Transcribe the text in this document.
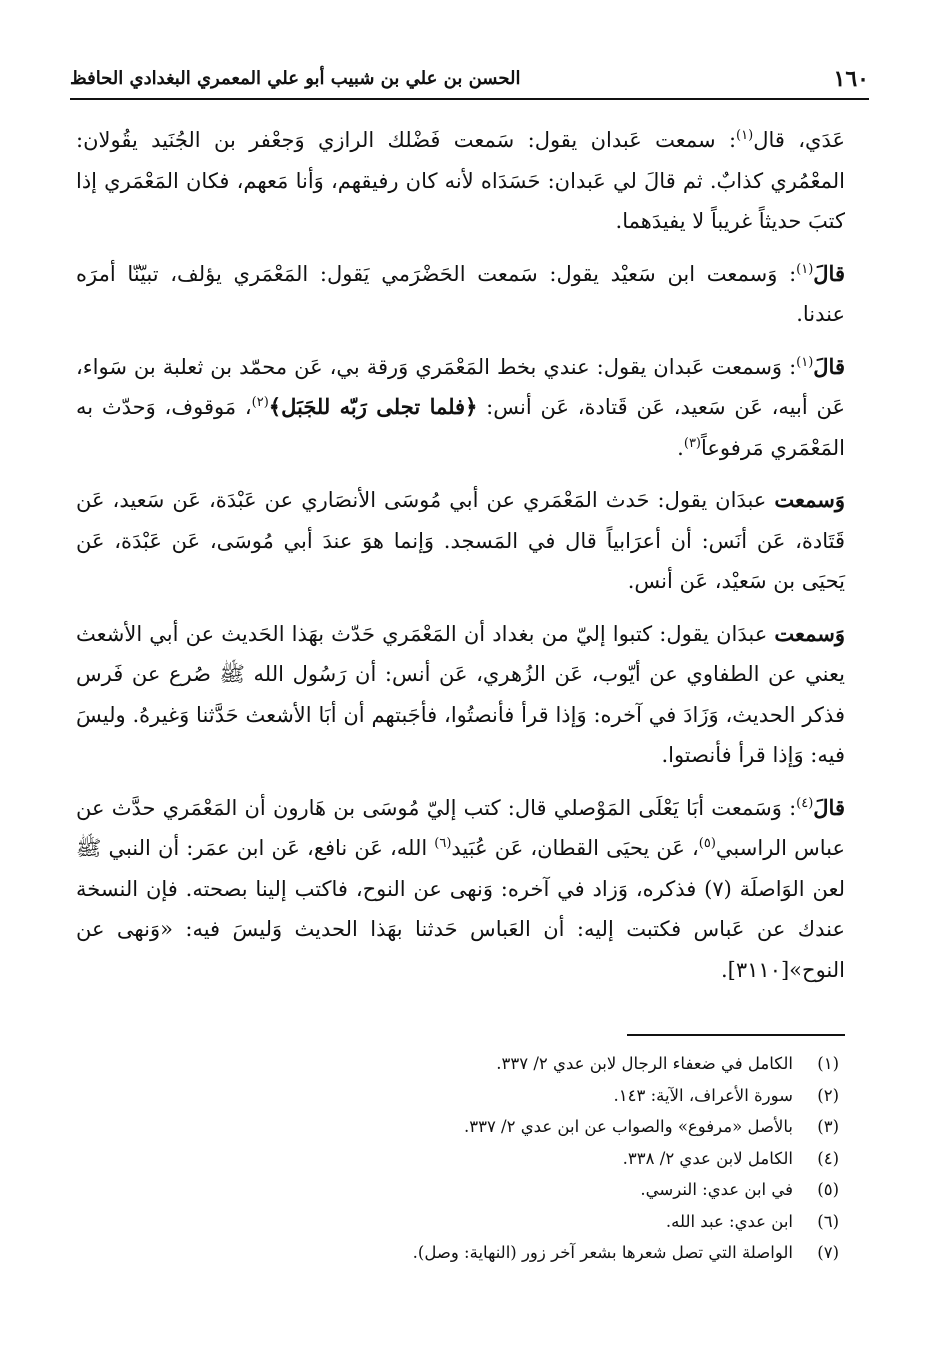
١٦٠
الحسن بن علي بن شبيب أبو علي المعمري البغدادي الحافظ

عَدَي، قال$^{(١)}$: سمعت عَبدان يقول: سَمعت فَضْلك الرازي وَجعْفر بن الجُنَيد يقُولان: المعْمُري كذابٌ. ثم قالَ لي عَبدان: حَسَدَاه لأنه كان رفيقهم، وَأنا مَعهم، فكان المَعْمَري إذا كتبَ حديثاً غريباً لا يفيدَهما.

قالَ$^{(١)}$: وَسمعت ابن سَعيْد يقول: سَمعت الحَضْرَمي يَقول: المَعْمَري يؤلف، تبيّنّا أمرَه عندنا.

قالَ$^{(١)}$: وَسمعت عَبدان يقول: عندي بخط المَعْمَري وَرقة بي، عَن محمّد بن ثعلبة بن سَواء، عَن أبيه، عَن سَعيد، عَن قَتادة، عَن أنس: ﴿فلما تجلى رَبّه للجَبَل﴾$^{(٢)}$، مَوقوف، وَحدّث به المَعْمَري مَرفوعاً$^{(٣)}$.

وَسمعت عبدَان يقول: حَدث المَعْمَري عن أبي مُوسَى الأنصَاري عن عَبْدَة، عَن سَعيد، عَن قَتَادة، عَن أنَس: أن أعرَابياً قال في المَسجد. وَإنما هوَ عندَ أبي مُوسَى، عَن عَبْدَة، عَن يَحيَى بن سَعيْد، عَن أنس.

وَسمعت عبدَان يقول: كتبوا إليّ من بغداد أن المَعْمَري حَدّث بهَذا الحَديث عن أبي الأشعث يعني عن الطفاوي عن أيّوب، عَن الزُهري، عَن أنس: أن رَسُول الله ﷺ صُرع عن فَرس فذكر الحديث، وَزَادَ في آخره: وَإذا قرأ فأنصتُوا، فأجَبتهم أن أبَا الأشعث حَدَّثنا وَغيرهُ. وليسَ فيه: وَإذا قرأ فأنصتوا.

قالَ$^{(٤)}$: وَسَمعت أبَا يَعْلَى المَوْصلي قال: كتب إليّ مُوسَى بن هَارون أن المَعْمَري حدَّث عن عباس الراسبي$^{(٥)}$، عَن يحيَى القطان، عَن عُبَيد$^{(٦)}$ الله، عَن نافع، عَن ابن عمَر: أن النبي ﷺ لعن الوَاصلَة (٧) فذكره، وَزاد في آخره: وَنهى عن النوح، فاكتب إلينا بصحته. فإن النسخة عندك عن عَباس فكتبت إليه: أن العَباس حَدثنا بهَذا الحديث وَليسَ فيه: «وَنهى عن النوح»[٣١١٠].

(١)
الكامل في ضعفاء الرجال لابن عدي ٢/ ٣٣٧.
(٢)
سورة الأعراف، الآية: ١٤٣.
(٣)
بالأصل «مرفوع» والصواب عن ابن عدي ٢/ ٣٣٧.
(٤)
الكامل لابن عدي ٢/ ٣٣٨.
(٥)
في ابن عدي: النرسي.
(٦)
ابن عدي: عبد الله.
(٧)
الواصلة التي تصل شعرها بشعر آخر زور (النهاية: وصل).
